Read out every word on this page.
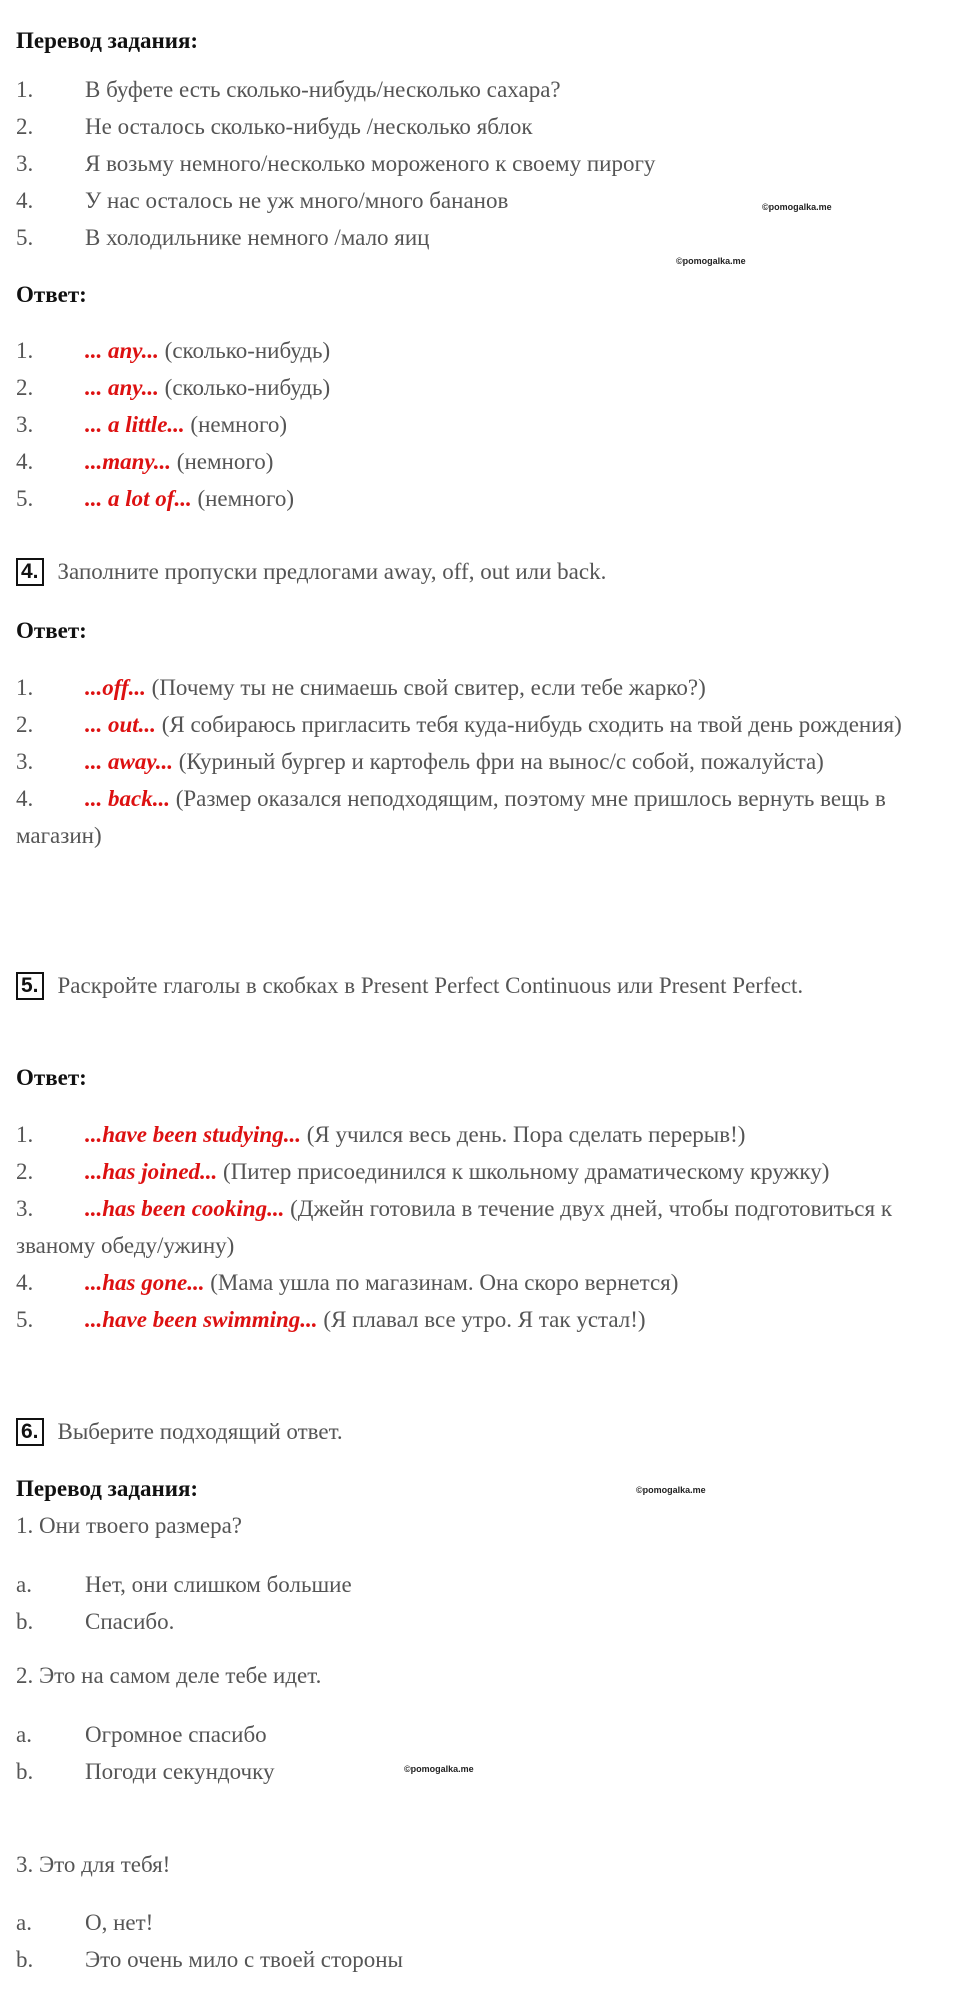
Перевод задания:
1. В буфете есть сколько-нибудь/несколько сахара?
2. Не осталось сколько-нибудь /несколько яблок
3. Я возьму немного/несколько мороженого к своему пирогу
4. У нас осталось не уж много/много бананов
5. В холодильнике немного /мало яиц
©pomogalka.me
©pomogalka.me
Ответ:
1. ... any... (сколько-нибудь)
2. ... any... (сколько-нибудь)
3. ... a little... (немного)
4. ...many... (немного)
5. ... a lot of... (немного)
4. Заполните пропуски предлогами away, off, out или back.
Ответ:
1. ...off... (Почему ты не снимаешь свой свитер, если тебе жарко?)
2. ... out... (Я собираюсь пригласить тебя куда-нибудь сходить на твой день рождения)
3. ... away... (Куриный бургер и картофель фри на вынос/с собой, пожалуйста)
4. ... back... (Размер оказался неподходящим, поэтому мне пришлось вернуть вещь в магазин)
5. Раскройте глаголы в скобках в Present Perfect Continuous или Present Perfect.
Ответ:
1. ...have been studying... (Я учился весь день. Пора сделать перерыв!)
2. ...has joined... (Питер присоединился к школьному драматическому кружку)
3. ...has been cooking... (Джейн готовила в течение двух дней, чтобы подготовиться к званому обеду/ужину)
4. ...has gone... (Мама ушла по магазинам. Она скоро вернется)
5. ...have been swimming... (Я плавал все утро. Я так устал!)
6. Выберите подходящий ответ.
Перевод задания:	©pomogalka.me
1. Они твоего размера?
a. Нет, они слишком большие
b. Спасибо.
2. Это на самом деле тебе идет.
a. Огромное спасибо
b. Погоди секундочку	©pomogalka.me
3. Это для тебя!
a. О, нет!
b. Это очень мило с твоей стороны
